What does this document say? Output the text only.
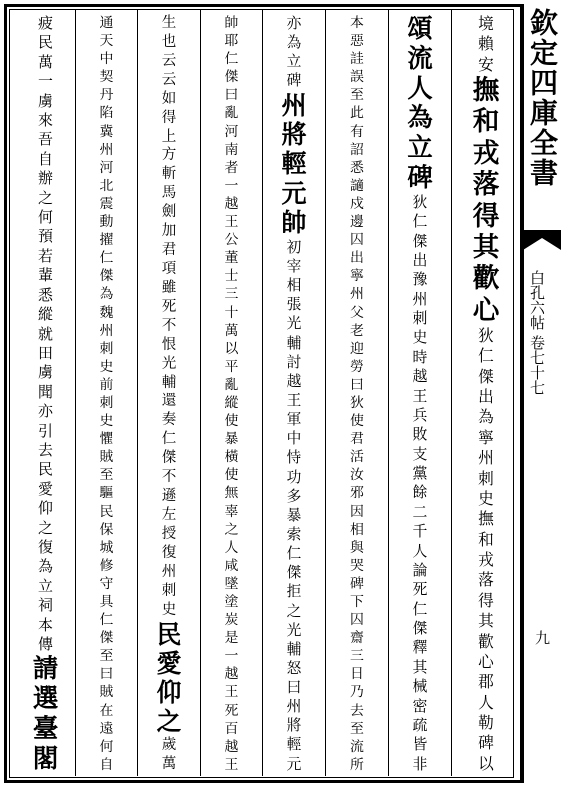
境
賴
安
撫
和
戎
落
得
其
歡
心
狄
仁
傑
出
為
寧
州
刺
史
撫
和
戎
落
得
其
歡
心
郡
人
勒
碑
以
頌
流
人
為
立
碑
狄
仁
傑
出
豫
州
刺
史
時
越
王
兵
敗
支
黨
餘
二
千
人
論
死
仁
傑
釋
其
械
密
疏
皆
非
本
惡
詿
誤
至
此
有
詔
悉
讁
戍
邊
囚
出
寧
州
父
老
迎
勞
曰
狄
使
君
活
汝
邪
因
相
與
哭
碑
下
囚
齋
三
日
乃
去
至
流
所
亦
為
立
碑
州
將
輕
元
帥
初
宰
相
張
光
輔
討
越
王
軍
中
恃
功
多
暴
索
仁
傑
拒
之
光
輔
怒
曰
州
將
輕
元
帥
耶
仁
傑
曰
亂
河
南
者
一
越
王
公
董
士
三
十
萬
以
平
亂
縱
使
暴
橫
使
無
辜
之
人
咸
墜
塗
炭
是
一
越
王
死
百
越
王
生
也
云
云
如
得
上
方
斬
馬
劍
加
君
項
雖
死
不
恨
光
輔
還
奏
仁
傑
不
遜
左
授
復
州
刺
史
民
愛
仰
之
歲
萬
通
天
中
契
丹
陷
冀
州
河
北
震
動
擢
仁
傑
為
魏
州
刺
史
前
刺
史
懼
賊
至
驅
民
保
城
修
守
具
仁
傑
至
曰
賊
在
遠
何
自
疲
民
萬
一
虜
來
吾
自
辦
之
何
預
若
輩
悉
縱
就
田
虜
聞
亦
引
去
民
愛
仰
之
復
為
立
祠
本
傳
請
選
臺
閣
欽定四庫全書
白孔六帖 卷七十七
九
